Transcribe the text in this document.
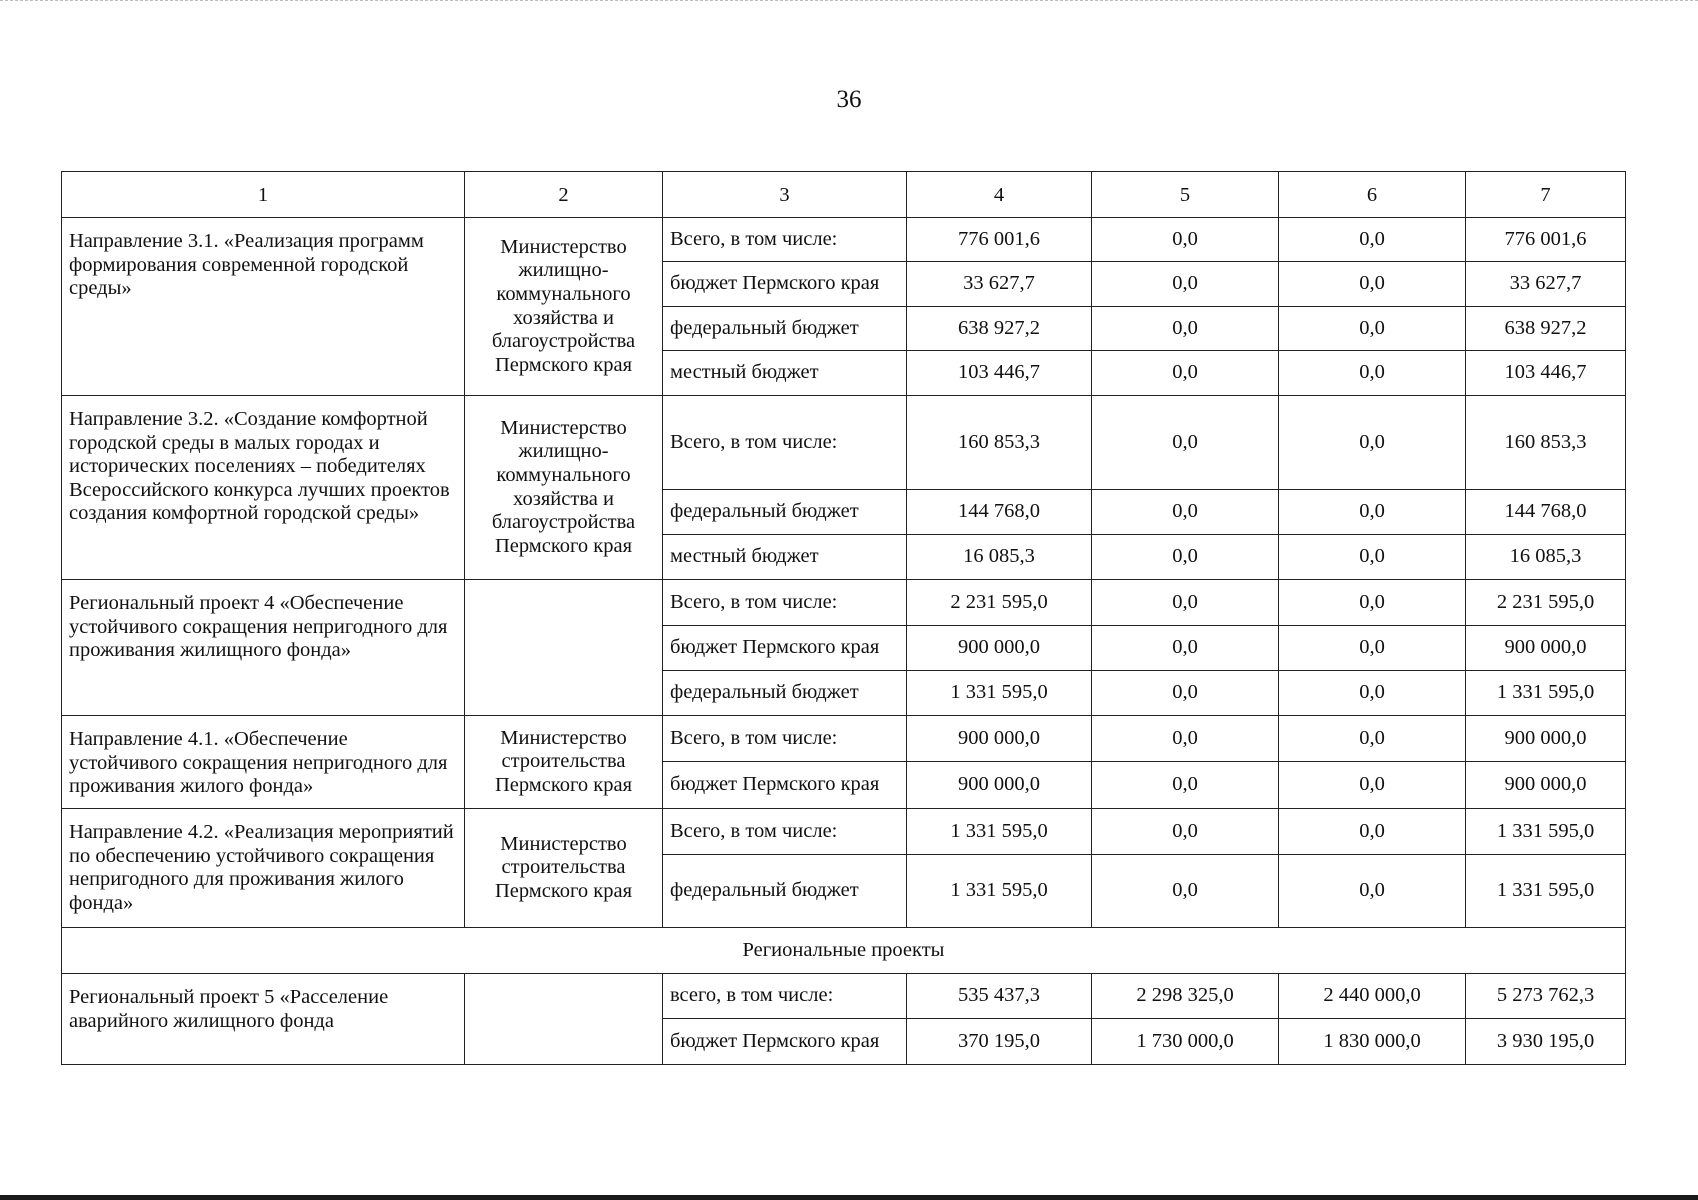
36
1	2	3	4	5	6	7
Направление 3.1. «Реализация программ формирования современной городской среды»	Министерство жилищно-коммунального хозяйства и благоустройства Пермского края	Всего, в том числе:	776 001,6	0,0	0,0	776 001,6
		бюджет Пермского края	33 627,7	0,0	0,0	33 627,7
		федеральный бюджет	638 927,2	0,0	0,0	638 927,2
		местный бюджет	103 446,7	0,0	0,0	103 446,7
Направление 3.2. «Создание комфортной городской среды в малых городах и исторических поселениях – победителях Всероссийского конкурса лучших проектов создания комфортной городской среды»	Министерство жилищно-коммунального хозяйства и благоустройства Пермского края	Всего, в том числе:	160 853,3	0,0	0,0	160 853,3
		федеральный бюджет	144 768,0	0,0	0,0	144 768,0
		местный бюджет	16 085,3	0,0	0,0	16 085,3
Региональный проект 4 «Обеспечение устойчивого сокращения непригодного для проживания жилищного фонда»		Всего, в том числе:	2 231 595,0	0,0	0,0	2 231 595,0
		бюджет Пермского края	900 000,0	0,0	0,0	900 000,0
		федеральный бюджет	1 331 595,0	0,0	0,0	1 331 595,0
Направление 4.1. «Обеспечение устойчивого сокращения непригодного для проживания жилого фонда»	Министерство строительства Пермского края	Всего, в том числе:	900 000,0	0,0	0,0	900 000,0
		бюджет Пермского края	900 000,0	0,0	0,0	900 000,0
Направление 4.2. «Реализация мероприятий по обеспечению устойчивого сокращения непригодного для проживания жилого фонда»	Министерство строительства Пермского края	Всего, в том числе:	1 331 595,0	0,0	0,0	1 331 595,0
		федеральный бюджет	1 331 595,0	0,0	0,0	1 331 595,0
Региональные проекты						
Региональный проект 5 «Расселение аварийного жилищного фонда		всего, в том числе:	535 437,3	2 298 325,0	2 440 000,0	5 273 762,3
		бюджет Пермского края	370 195,0	1 730 000,0	1 830 000,0	3 930 195,0
